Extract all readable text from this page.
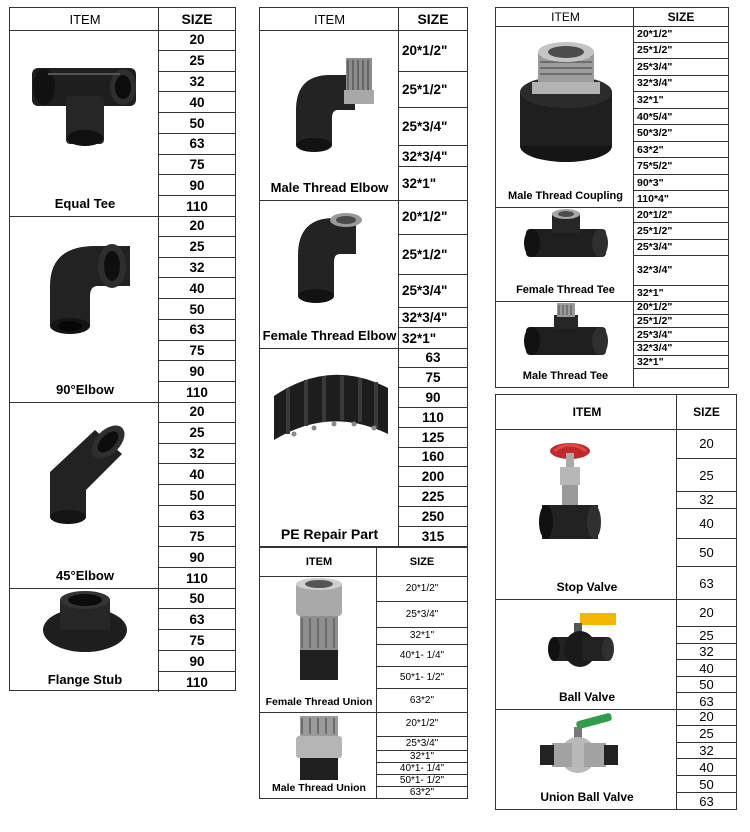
ITEM	SIZE
Equal Tee
20
25
32
40
50
63
75
90
110
90°Elbow
20
25
32
40
50
63
75
90
110
45°Elbow
20
25
32
40
50
63
75
90
110
Flange Stub
50
63
75
90
110
ITEM	SIZE
Male Thread Elbow
20*1/2"
25*1/2"
25*3/4"
32*3/4"
32*1"
Female Thread Elbow
20*1/2"
25*1/2"
25*3/4"
32*3/4"
32*1"
PE Repair Part
63
75
90
110
125
160
200
225
250
315
ITEM	SIZE
Female Thread Union
20*1/2"
25*3/4"
32*1"
40*1- 1/4"
50*1- 1/2"
63*2"
Male Thread Union
20*1/2"
25*3/4"
32*1"
40*1- 1/4"
50*1- 1/2"
63*2"
ITEM	SIZE
Male Thread Coupling
20*1/2"
25*1/2"
25*3/4"
32*3/4"
32*1"
40*5/4"
50*3/2"
63*2"
75*5/2"
90*3"
110*4"
Female Thread Tee
20*1/2"
25*1/2"
25*3/4"
32*3/4"
32*1"
Male Thread Tee
20*1/2"
25*1/2"
25*3/4"
32*3/4"
32*1"
ITEM	SIZE
Stop Valve
20
25
32
40
50
63
Ball Valve
20
25
32
40
50
63
Union Ball Valve
20
25
32
40
50
63
